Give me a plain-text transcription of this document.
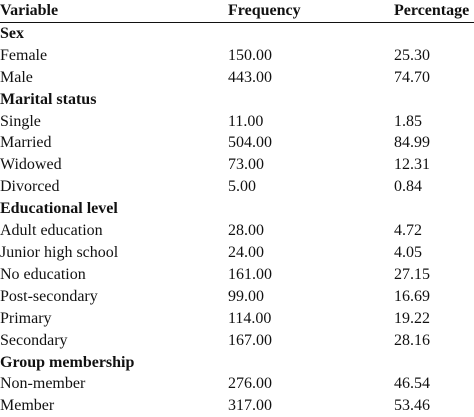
Variable	Frequency	Percentage
Sex		
Female	150.00	25.30
Male	443.00	74.70
Marital status		
Single	11.00	1.85
Married	504.00	84.99
Widowed	73.00	12.31
Divorced	5.00	0.84
Educational level		
Adult education	28.00	4.72
Junior high school	24.00	4.05
No education	161.00	27.15
Post-secondary	99.00	16.69
Primary	114.00	19.22
Secondary	167.00	28.16
Group membership		
Non-member	276.00	46.54
Member	317.00	53.46
